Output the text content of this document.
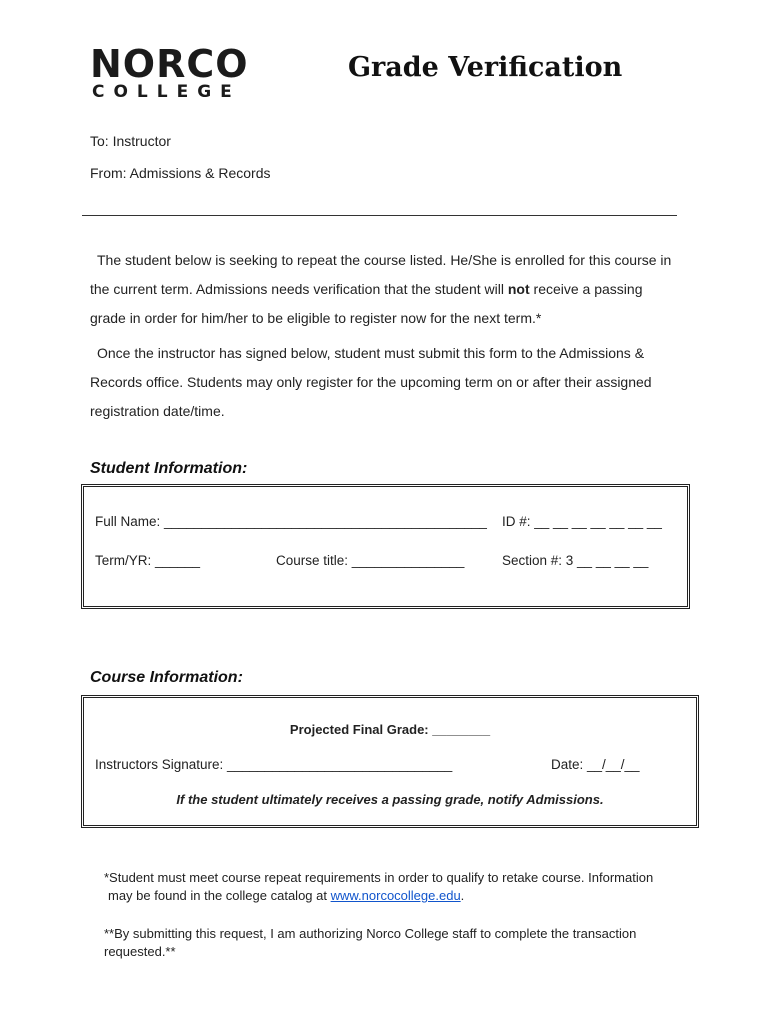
NORCO
COLLEGE
Grade Verification
To: Instructor
From: Admissions & Records
The student below is seeking to repeat the course listed. He/She is enrolled for this course in
the current term. Admissions needs verification that the student will not receive a passing
grade in order for him/her to be eligible to register now for the next term.*
Once the instructor has signed below, student must submit this form to the Admissions &
Records office. Students may only register for the upcoming term on or after their assigned
registration date/time.
Student Information:
Full Name: ___________________________________________ ID #: __ __ __ __ __ __ __
Term/YR: ______	Course title: _______________	Section #: 3 __ __ __ __
Course Information:
Projected Final Grade: ________
Instructors Signature: ______________________________	Date: __/__/__
If the student ultimately receives a passing grade, notify Admissions.
*Student must meet course repeat requirements in order to qualify to retake course. Information
may be found in the college catalog at www.norcocollege.edu.
**By submitting this request, I am authorizing Norco College staff to complete the transaction requested.**
